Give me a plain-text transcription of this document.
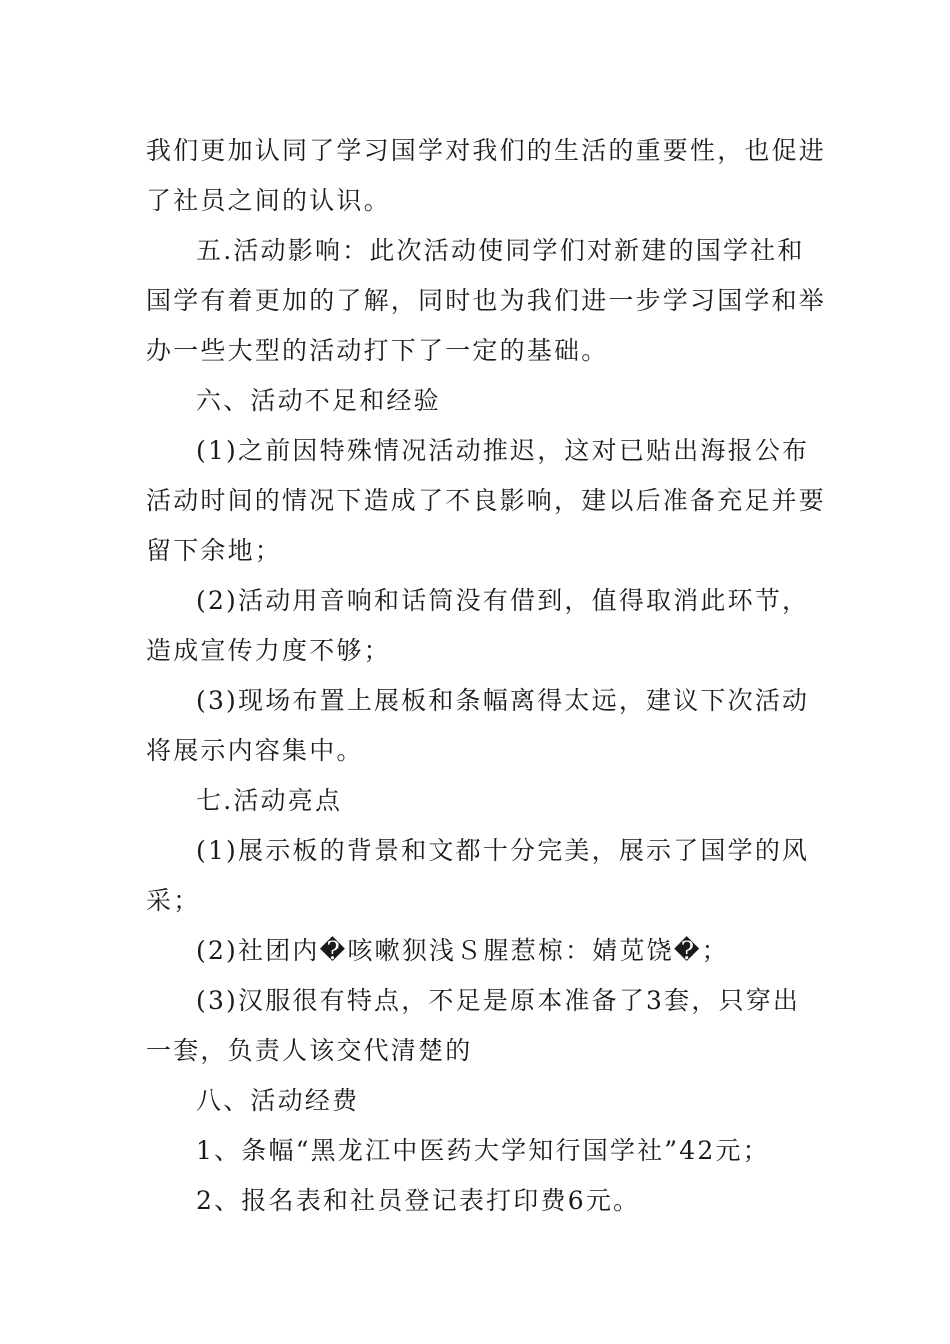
我们更加认同了学习国学对我们的生活的重要性，也促进
了社员之间的认识。
五.活动影响：此次活动使同学们对新建的国学社和
国学有着更加的了解，同时也为我们进一步学习国学和举
办一些大型的活动打下了一定的基础。
六、活动不足和经验
(1)之前因特殊情况活动推迟，这对已贴出海报公布
活动时间的情况下造成了不良影响，建以后准备充足并要
留下余地；
(2)活动用音响和话筒没有借到，值得取消此环节，
造成宣传力度不够；
(3)现场布置上展板和条幅离得太远，建议下次活动
将展示内容集中。
七.活动亮点
(1)展示板的背景和文都十分完美，展示了国学的风
采；
(2)社团内�咳嗽狈浅Ｓ腥惹椋：婧苋饶�；
(3)汉服很有特点，不足是原本准备了3套，只穿出
一套，负责人该交代清楚的
八、活动经费
1、条幅“黑龙江中医药大学知行国学社”42元；
2、报名表和社员登记表打印费6元。
